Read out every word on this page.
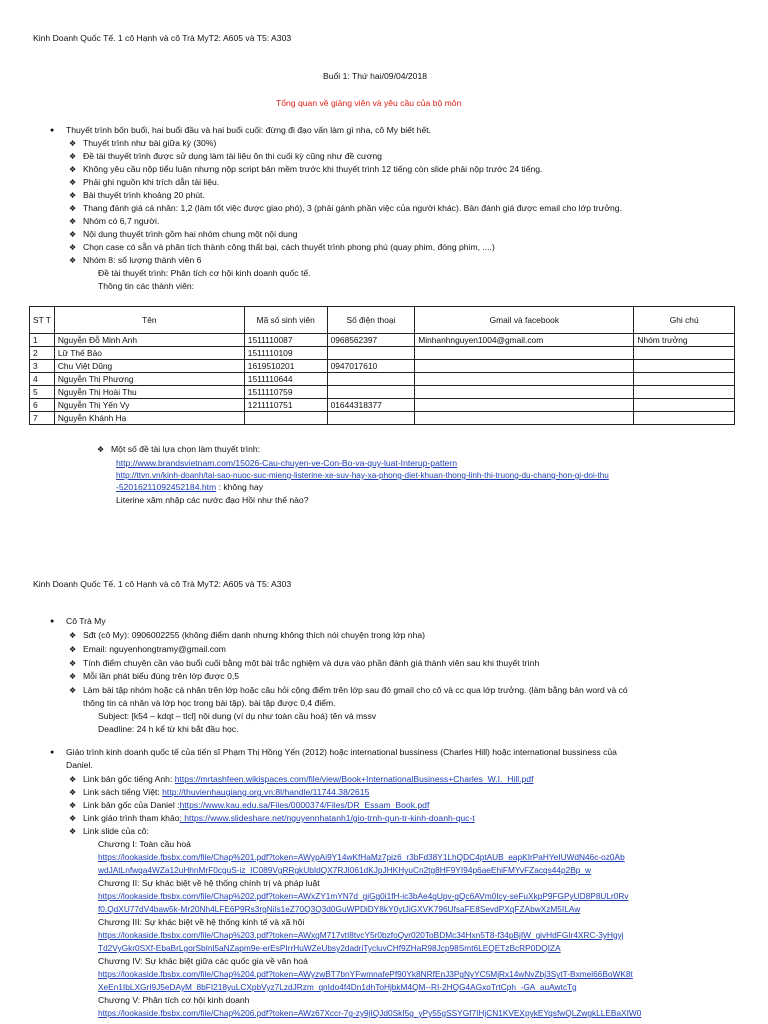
Kinh Doanh Quốc Tế. 1 cô Hạnh và cô Trà MyT2: A605 và T5: A303
Buổi 1: Thứ hai/09/04/2018
Tổng quan về giảng viên và yêu cầu của bộ môn
● Thuyết trình bốn buổi, hai buổi đầu và hai buổi cuối: đừng đi đạo vấn làm gì nha, cô My biết hết.
❖ Thuyết trình như bài giữa kỳ (30%)
❖ Đề tài thuyết trình được sử dụng làm tài liệu ôn thi cuối kỳ cũng như đề cương
❖ Không yêu cầu nộp tiểu luận nhưng nộp script bản mềm trước khi thuyết trình 12 tiếng còn slide phải nộp trước 24 tiếng.
❖ Phải ghi nguồn khi trích dẫn tài liệu.
❖ Bài thuyết trình khoảng 20 phút.
❖ Thang đánh giá cá nhân: 1,2 (làm tốt việc được giao phó), 3 (phải gánh phần việc của người khác). Bản đánh giá được email cho lớp trưởng.
❖ Nhóm có 6,7 người.
❖ Nội dung thuyết trình gồm hai nhóm chung một nội dung
❖ Chọn case có sẵn và phân tích thành công thất bại, cách thuyết trình phong phú (quay phim, đóng phim, ....)
❖ Nhóm 8: số lượng thành viên 6
Đề tài thuyết trình: Phân tích cơ hội kinh doanh quốc tế.
Thông tin các thành viên:
ST T	Tên	Mã số sinh viên	Số điện thoại	Gmail và facebook	Ghi chú
1	Nguyễn Đỗ Minh Anh	1511110087	0968562397	Minhanhnguyen1004@gmail.com	Nhóm trưởng
2	Lữ Thế Bảo	1511110109			
3	Chu Việt Dũng	1619510201	0947017610		
4	Nguyễn Thị Phương	1511110644			
5	Nguyễn Thị Hoài Thu	1511110759			
6	Nguyễn Thị Yến Vy	1211110751	01644318377		
7	Nguyễn Khánh Hạ				
❖ Một số đề tài lựa chọn làm thuyết trình:
http://www.brandsvietnam.com/15026-Cau-chuyen-ve-Con-Bo-va-quy-luat-Interup-pattern
http://ttvn.vn/kinh-doanh/tai-sao-nuoc-suc-mieng-listerine-xe-suv-hay-xa-phong-diet-khuan-thong-linh-thi-truong-du-chang-hon-gi-doi-thu
-52016211092452184.htm : không hay
Literine xâm nhập các nước đạo Hồi như thế nào?
Kinh Doanh Quốc Tế. 1 cô Hạnh và cô Trà MyT2: A605 và T5: A303
● Cô Trà My
❖ Sđt (cô My): 0906002255 (không điểm danh nhưng không thích nói chuyện trong lớp nha)
❖ Email: nguyenhongtramy@gmail.com
❖ Tính điểm chuyên cần vào buổi cuối bằng một bài trắc nghiệm và dựa vào phần đánh giá thành viên sau khi thuyết trình
❖ Mỗi lần phát biểu đúng trên lớp được 0,5
❖ Làm bài tập nhóm hoặc cá nhân trên lớp hoặc câu hỏi cộng điểm trên lớp sau đó gmail cho cô và cc qua lớp trưởng. (làm bằng bản word và có
thông tin cá nhân và lớp học trong bài tập). bài tập được 0,4 điểm.
Subject: [k54 – kdqt – tlcl] nội dung (ví dụ như toàn cầu hoá) tên và mssv
Deadline: 24 h kể từ khi bắt đầu học.
● Giáo trình kinh doanh quốc tế của tiến sĩ Phạm Thị Hồng Yến (2012) hoặc international bussiness (Charles Hill) hoặc international bussiness của
Daniel.
❖ Link bản gốc tiếng Anh: https://mrtashfeen.wikispaces.com/file/view/Book+InternationalBusiness+Charles_W.I._Hill.pdf
❖ Link sách tiếng Việt: http://thuvienhaugiang.org.vn:8l/handle/11744.38/2615
❖ Link bản gốc của Daniel :https://www.kau.edu.sa/Files/0000374/Files/DR_Essam_Book.pdf
❖ Link giáo trình tham khảo: https://www.slideshare.net/nguyennhatanh1/gio-trnh-qun-tr-kinh-doanh-quc-t
❖ Link slide của cô:
Chương I: Toàn cầu hoá
https://lookaside.fbsbx.com/file/Chap%201.pdf?token=AWypAi9Y14wKfHaMz7piz6_r3bFd38Y1LhQDC4ptAUB_eapKIrPaHYeIUWdN46c-oz0Ab
wdJAtLnfwqa4WZa12uHhnMrF0cguS-iz_IC089VgRRgkUbIdQX7RJI061dKJpJHKHyuCn2tg8HF9YI94p6aeEhiFMYvFZacqs44p2Bp_w
Chương II: Sự khác biệt về hệ thống chính trị và pháp luật
https://lookaside.fbsbx.com/file/Chap%202.pdf?token=AWxZY1mYN7d_giGg0i1fH-ic3bAe4gUpv-gQc6AVm0Icy-seFuXkpP9FGPyUD8P8ULr0Rv
f0.QdXU77dV4baw5k-Mr20Nh4LFE6P9Rs3rgNils1eZ70Q3Q3d0GuWPDiDY8kY0ytJiGXVK796UfsaFE8SevdPXqFZAbwXzM5ILAw
Chương III: Sự khác biệt về hệ thống kinh tế và xã hội
https://lookaside.fbsbx.com/file/Chap%203.pdf?token=AWxgM717vtI8tvcY5r0bzfoQvr020ToBDMc34Hxn5T8-f34pBjIW_givHdFGIr4XRC-3yHgyj
Td2VyGkr0SXf-EbaBrLgorSbInl5aNZapm9e-erEsPIrrHuWZeUbsy2dadriTycluvCHf9ZHaR98Jcp98Smt6LEQETzBcRP0DQIZA
Chương IV: Sự khác biệt giữa các quốc gia về văn hoá
https://lookaside.fbsbx.com/file/Chap%204.pdf?token=AWyzwBT7bnYFwmnafePf90Yk8NRfEnJ3PgNyYC5MjRx14wNvZbj3SytT-Bxmel66BoWK8t
XeEn1IbLXGrI9J5eDAyM_8bFI218yuLCXpbVyz7LzdJRzm_qnIdo4f4Dn1dhToHjbkM4QM--RI-2HQG4AGxoTrtCph_-GA_auAwtcTg
Chương V: Phân tích cơ hội kinh doanh
https://lookaside.fbsbx.com/file/Chap%206.pdf?token=AWz67Xccr-7g-zy9jIQJd0SkI5g_yPy55gSSYGf7IHjCN1KVEXpykEYqsfwQLZwgkLLEBaXIW0
